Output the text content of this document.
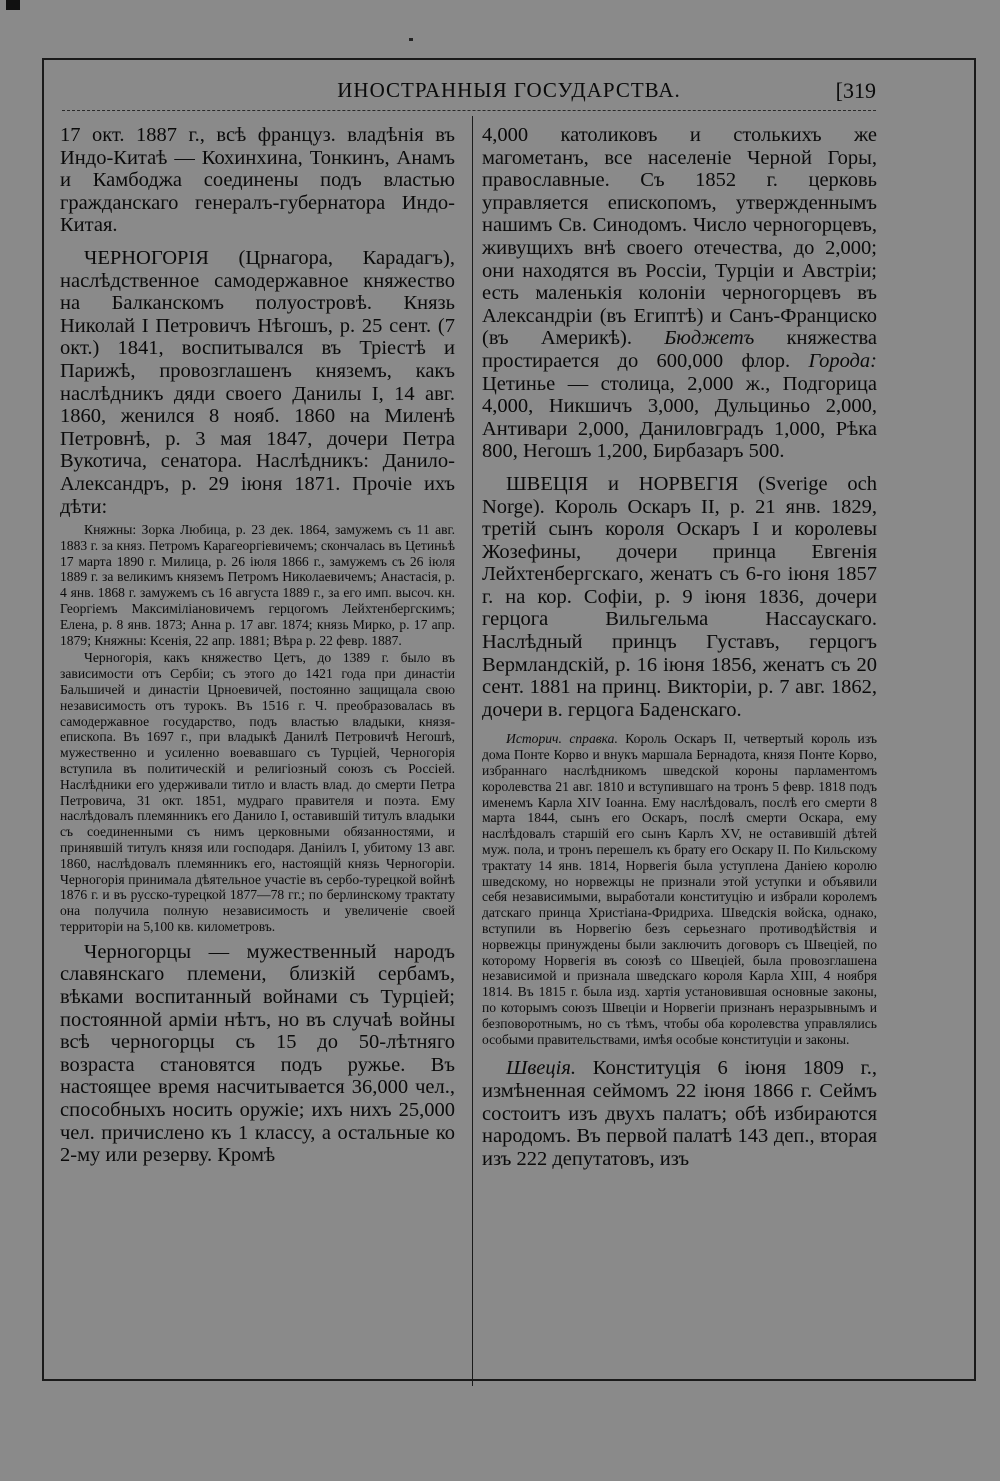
ИНОСТРАННЫЯ ГОСУДАРСТВА.	[319

17 окт. 1887 г., всѣ француз. владѣнія въ Индо-Китаѣ — Кохинхина, Тонкинъ, Анамъ и Камбоджа соединены подъ властью гражданскаго генералъ-губернатора Индо-Китая.

ЧЕРНОГОРІЯ (Црнагора, Карадагъ), наслѣдственное самодержавное княжество на Балканскомъ полуостровѣ. Князь Николай I Петровичъ Нѣгошъ, р. 25 сент. (7 окт.) 1841, воспитывался въ Тріестѣ и Парижѣ, провозглашенъ княземъ, какъ наслѣдникъ дяди своего Данилы I, 14 авг. 1860, женился 8 нояб. 1860 на Миленѣ Петровнѣ, р. 3 мая 1847, дочери Петра Вукотича, сенатора. Наслѣдникъ: Данило-Александръ, р. 29 іюня 1871. Прочіе ихъ дѣти:

Княжны: Зорка Любица, р. 23 дек. 1864, замужемъ съ 11 авг. 1883 г. за княз. Петромъ Карагеоргіевичемъ; скончалась въ Цетиньѣ 17 марта 1890 г. Милица, р. 26 іюля 1866 г., замужемъ съ 26 іюля 1889 г. за великимъ княземъ Петромъ Николаевичемъ; Анастасія, р. 4 янв. 1868 г. замужемъ съ 16 августа 1889 г., за его имп. высоч. кн. Георгіемъ Максиміліановичемъ герцогомъ Лейхтенбергскимъ; Елена, р. 8 янв. 1873; Анна р. 17 авг. 1874; князь Мирко, р. 17 апр. 1879; Княжны: Ксенія, 22 апр. 1881; Вѣра р. 22 февр. 1887.

Черногорія, какъ княжество Цетъ, до 1389 г. было въ зависимости отъ Сербіи; съ этого до 1421 года при династіи Бальшичей и династіи Црноевичей, постоянно защищала свою независимость отъ турокъ. Въ 1516 г. Ч. преобразовалась въ самодержавное государство, подъ властью владыки, князя-епископа. Въ 1697 г., при владыкѣ Данилѣ Петровичѣ Негошѣ, мужественно и усиленно воевавшаго съ Турціей, Черногорія вступила въ политическій и религіозный союзъ съ Россіей. Наслѣдники его удерживали титло и власть влад. до смерти Петра Петровича, 31 окт. 1851, мудраго правителя и поэта. Ему наслѣдовалъ племянникъ его Данило I, оставившій титулъ владыки съ соединенными съ нимъ церковными обязанностями, и принявшій титулъ князя или господаря. Даніилъ I, убитому 13 авг. 1860, наслѣдовалъ племянникъ его, настоящій князь Черногоріи. Черногорія принимала дѣятельное участіе въ сербо-турецкой войнѣ 1876 г. и въ русско-турецкой 1877—78 гг.; по берлинскому трактату она получила полную независимость и увеличеніе своей территоріи на 5,100 кв. километровъ.

Черногорцы — мужественный народъ славянскаго племени, близкій сербамъ, вѣками воспитанный войнами съ Турціей; постоянной арміи нѣтъ, но въ случаѣ войны всѣ черногорцы съ 15 до 50-лѣтняго возраста становятся подъ ружье. Въ настоящее время насчитывается 36,000 чел., способныхъ носить оружіе; ихъ нихъ 25,000 чел. причислено къ 1 классу, а остальные ко 2-му или резерву. Кромѣ

4,000 католиковъ и столькихъ же магометанъ, все населеніе Черной Горы, православные. Съ 1852 г. церковь управляется епископомъ, утвержденнымъ нашимъ Св. Синодомъ. Число черногорцевъ, живущихъ внѣ своего отечества, до 2,000; они находятся въ Россіи, Турціи и Австріи; есть маленькія колоніи черногорцевъ въ Александріи (въ Египтѣ) и Санъ-Франциско (въ Америкѣ). Бюджетъ княжества простирается до 600,000 флор. Города: Цетинье — столица, 2,000 ж., Подгорица 4,000, Никшичъ 3,000, Дульциньо 2,000, Антивари 2,000, Даниловградъ 1,000, Рѣка 800, Негошъ 1,200, Бирбазаръ 500.

ШВЕЦІЯ и НОРВЕГІЯ (Sverige och Norge). Король Оскаръ II, р. 21 янв. 1829, третій сынъ короля Оскаръ I и королевы Жозефины, дочери принца Евгенія Лейхтенбергскаго, женатъ съ 6-го іюня 1857 г. на кор. Софіи, р. 9 іюня 1836, дочери герцога Вильгельма Нассаускаго. Наслѣдный принцъ Густавъ, герцогъ Вермландскій, р. 16 іюня 1856, женатъ съ 20 сент. 1881 на принц. Викторіи, р. 7 авг. 1862, дочери в. герцога Баденскаго.

Историч. справка. Король Оскаръ II, четвертый король изъ дома Понте Корво и внукъ маршала Бернадота, князя Понте Корво, избраннаго наслѣдникомъ шведской короны парламентомъ королевства 21 авг. 1810 и вступившаго на тронъ 5 февр. 1818 подъ именемъ Карла XIV Іоанна. Ему наслѣдовалъ, послѣ его смерти 8 марта 1844, сынъ его Оскаръ, послѣ смерти Оскара, ему наслѣдовалъ старшій его сынъ Карлъ XV, не оставившій дѣтей муж. пола, и тронъ перешелъ къ брату его Оскару II. По Кильскому трактату 14 янв. 1814, Норвегія была уступлена Даніею королю шведскому, но норвежцы не признали этой уступки и объявили себя независимыми, выработали конституцію и избрали королемъ датскаго принца Христіана-Фридриха. Шведскія войска, однако, вступили въ Норвегію безъ серьезнаго противодѣйствія и норвежцы принуждены были заключить договоръ съ Швеціей, по которому Норвегія въ союзѣ со Швеціей, была провозглашена независимой и признала шведскаго короля Карла XIII, 4 ноября 1814. Въ 1815 г. была изд. хартія установившая основные законы, по которымъ союзъ Швеціи и Норвегіи признанъ неразрывнымъ и безповоротнымъ, но съ тѣмъ, чтобы оба королевства управлялись особыми правительствами, имѣя особые конституціи и законы.

Швеція. Конституція 6 іюня 1809 г., измѣненная сеймомъ 22 іюня 1866 г. Сеймъ состоитъ изъ двухъ палатъ; обѣ избираются народомъ. Въ первой палатѣ 143 деп., вторая изъ 222 депутатовъ, изъ
